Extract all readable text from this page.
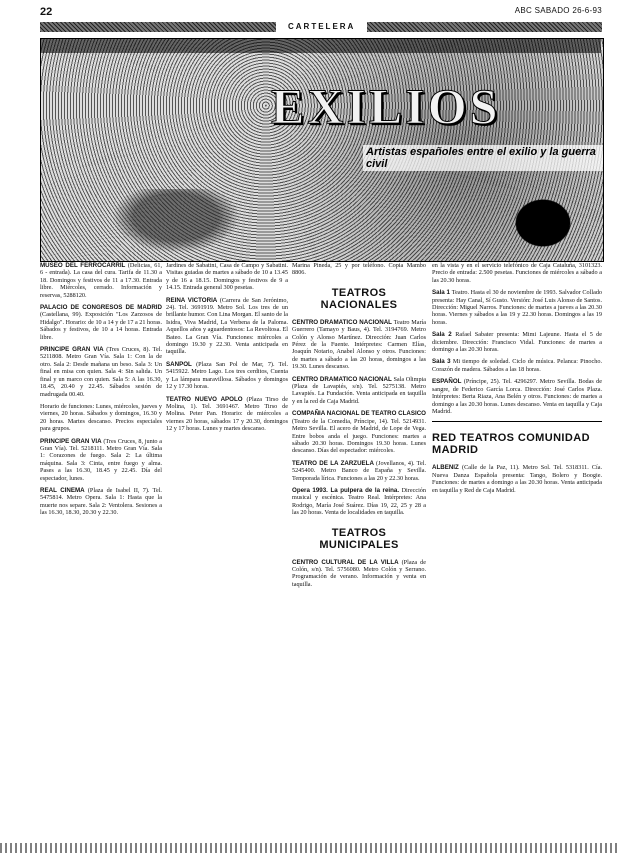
22
CARTELERA
ABC SABADO 26-6-93
EXILIOS
Artistas españoles entre el exilio y la guerra civil

MUSEO DEL FERROCARRIL (Delicias, 61, 6 - entrada). La casa del cura. Tarifa de 11.30 a 18. Domingos y festivos de 11 a 17.30. Entrada libre. Miércoles, cerrado. Información y reservas, 5288120.

PALACIO DE CONGRESOS DE MADRID (Castellana, 99). Exposición "Los Zarzosos de Hidalgo". Horario: de 10 a 14 y de 17 a 21 horas. Sábados y festivos, de 10 a 14 horas. Entrada libre.

PRINCIPE GRAN VIA (Tres Cruces, 8). Tel. 5211808. Metro Gran Vía. Sala 1: Con la de otro. Sala 2: Desde mañana un beso. Sala 3: Un final en misa con quien. Sala 4: Sin salida. Un final y un marco con quien. Sala 5: A las 16.30, 18.45, 20.40 y 22.45. Sábados sesión de madrugada 00.40.

Horario de funciones: Lunes, miércoles, jueves y viernes, 20 horas. Sábados y domingos, 16.30 y 20 horas. Martes descanso. Precios especiales para grupos.

PRINCIPE GRAN VIA (Tres Cruces, 8, junto a Gran Vía). Tel. 5218111. Metro Gran Vía. Sala 1: Corazones de fuego. Sala 2: La última máquina. Sala 3: Cinta, entre fuego y alma. Pases a las 16.30, 18.45 y 22.45. Día del espectador, lunes.

REAL CINEMA (Plaza de Isabel II, 7). Tel. 5475814. Metro Opera. Sala 1: Hasta que la muerte nos separe. Sala 2: Ventolera. Sesiones a las 16.30, 18.30, 20.30 y 22.30.

Jardines de Sabatini, Casa de Campo y Sabatini. Visitas guiadas de martes a sábado de 10 a 13.45 y de 16 a 18.15. Domingos y festivos de 9 a 14.15. Entrada general 300 pesetas.

REINA VICTORIA (Carrera de San Jerónimo, 24). Tel. 3691919. Metro Sol. Los tres de un brillante humor. Con Lina Morgan. El santo de la Isidra, Viva Madrid, La Verbena de la Paloma. Aquellos años y aguardentosos: La Revoltosa. El Bateo. La Gran Vía. Funciones: miércoles a domingo 19.30 y 22.30. Venta anticipada en taquilla.

SANPOL (Plaza San Pol de Mar, 7). Tel. 5415922. Metro Lago. Los tres cerditos, Cuenta y La lámpara maravillosa. Sábados y domingos 12 y 17.30 horas.

TEATRO NUEVO APOLO (Plaza Tirso de Molina, 1). Tel. 3691467. Metro Tirso de Molina. Peter Pan. Horario: de miércoles a viernes 20 horas, sábados 17 y 20.30, domingos 12 y 17 horas. Lunes y martes descanso.

Marina Pineda, 25 y por teléfono. Copia Mambo 8806.

TEATROS NACIONALES

CENTRO DRAMATICO NACIONAL Teatro María Guerrero (Tamayo y Baus, 4). Tel. 3194769. Metro Colón y Alonso Martínez. Dirección: Juan Carlos Pérez de la Fuente. Intérpretes: Carmen Elías, Joaquín Notario, Anabel Alonso y otros. Funciones: de martes a sábado a las 20 horas, domingos a las 19.30. Lunes descanso.

CENTRO DRAMATICO NACIONAL Sala Olimpia (Plaza de Lavapiés, s/n). Tel. 5275138. Metro Lavapiés. La Fundación. Venta anticipada en taquilla y en la red de Caja Madrid.

COMPAÑIA NACIONAL DE TEATRO CLASICO (Teatro de la Comedia, Príncipe, 14). Tel. 5214931. Metro Sevilla. El acero de Madrid, de Lope de Vega. Entre bobos anda el juego. Funciones: martes a sábado 20.30 horas. Domingos 19.30 horas. Lunes descanso. Días del espectador: miércoles.

TEATRO DE LA ZARZUELA (Jovellanos, 4). Tel. 5245400. Metro Banco de España y Sevilla. Temporada lírica. Funciones a las 20 y 22.30 horas.

Opera 1993. La pulpera de la reina. Dirección musical y escénica. Teatro Real. Intérpretes: Ana Rodrigo, María José Suárez. Días 19, 22, 25 y 28 a las 20 horas. Venta de localidades en taquilla.

TEATROS MUNICIPALES

CENTRO CULTURAL DE LA VILLA (Plaza de Colón, s/n). Tel. 5756080. Metro Colón y Serrano. Programación de verano. Información y venta en taquilla.

en la vista y en el servicio telefónico de Caja Cataluña, 3101323. Precio de entrada: 2.500 pesetas. Funciones de miércoles a sábado a las 20.30 horas.

Sala 1 Teatro. Hasta el 30 de noviembre de 1993. Salvador Collado presenta: Hay Canal, Sí Gusto. Versión: José Luis Alonso de Santos. Dirección: Miguel Narros. Funciones: de martes a jueves a las 20.30 horas. Viernes y sábados a las 19 y 22.30 horas. Domingos a las 19 horas.

Sala 2 Rafael Sabater presenta: Mimi Lajeune. Hasta el 5 de diciembre. Dirección: Francisco Vidal. Funciones: de martes a domingo a las 20.30 horas.

Sala 3 Mi tiempo de soledad. Ciclo de música. Pelanca: Pinocho. Corazón de madera. Sábados a las 18 horas.

ESPAÑOL (Príncipe, 25). Tel. 4296297. Metro Sevilla. Bodas de sangre, de Federico García Lorca. Dirección: José Carlos Plaza. Intérpretes: Berta Riaza, Ana Belén y otros. Funciones: de martes a domingo a las 20.30 horas. Lunes descanso. Venta en taquilla y Caja Madrid.

RED TEATROS COMUNIDAD MADRID

ALBENIZ (Calle de la Paz, 11). Metro Sol. Tel. 5318311. Cía. Nueva Danza Española presenta: Tango, Bolero y Boogie. Funciones: de martes a domingo a las 20.30 horas. Venta anticipada en taquilla y Red de Caja Madrid.
